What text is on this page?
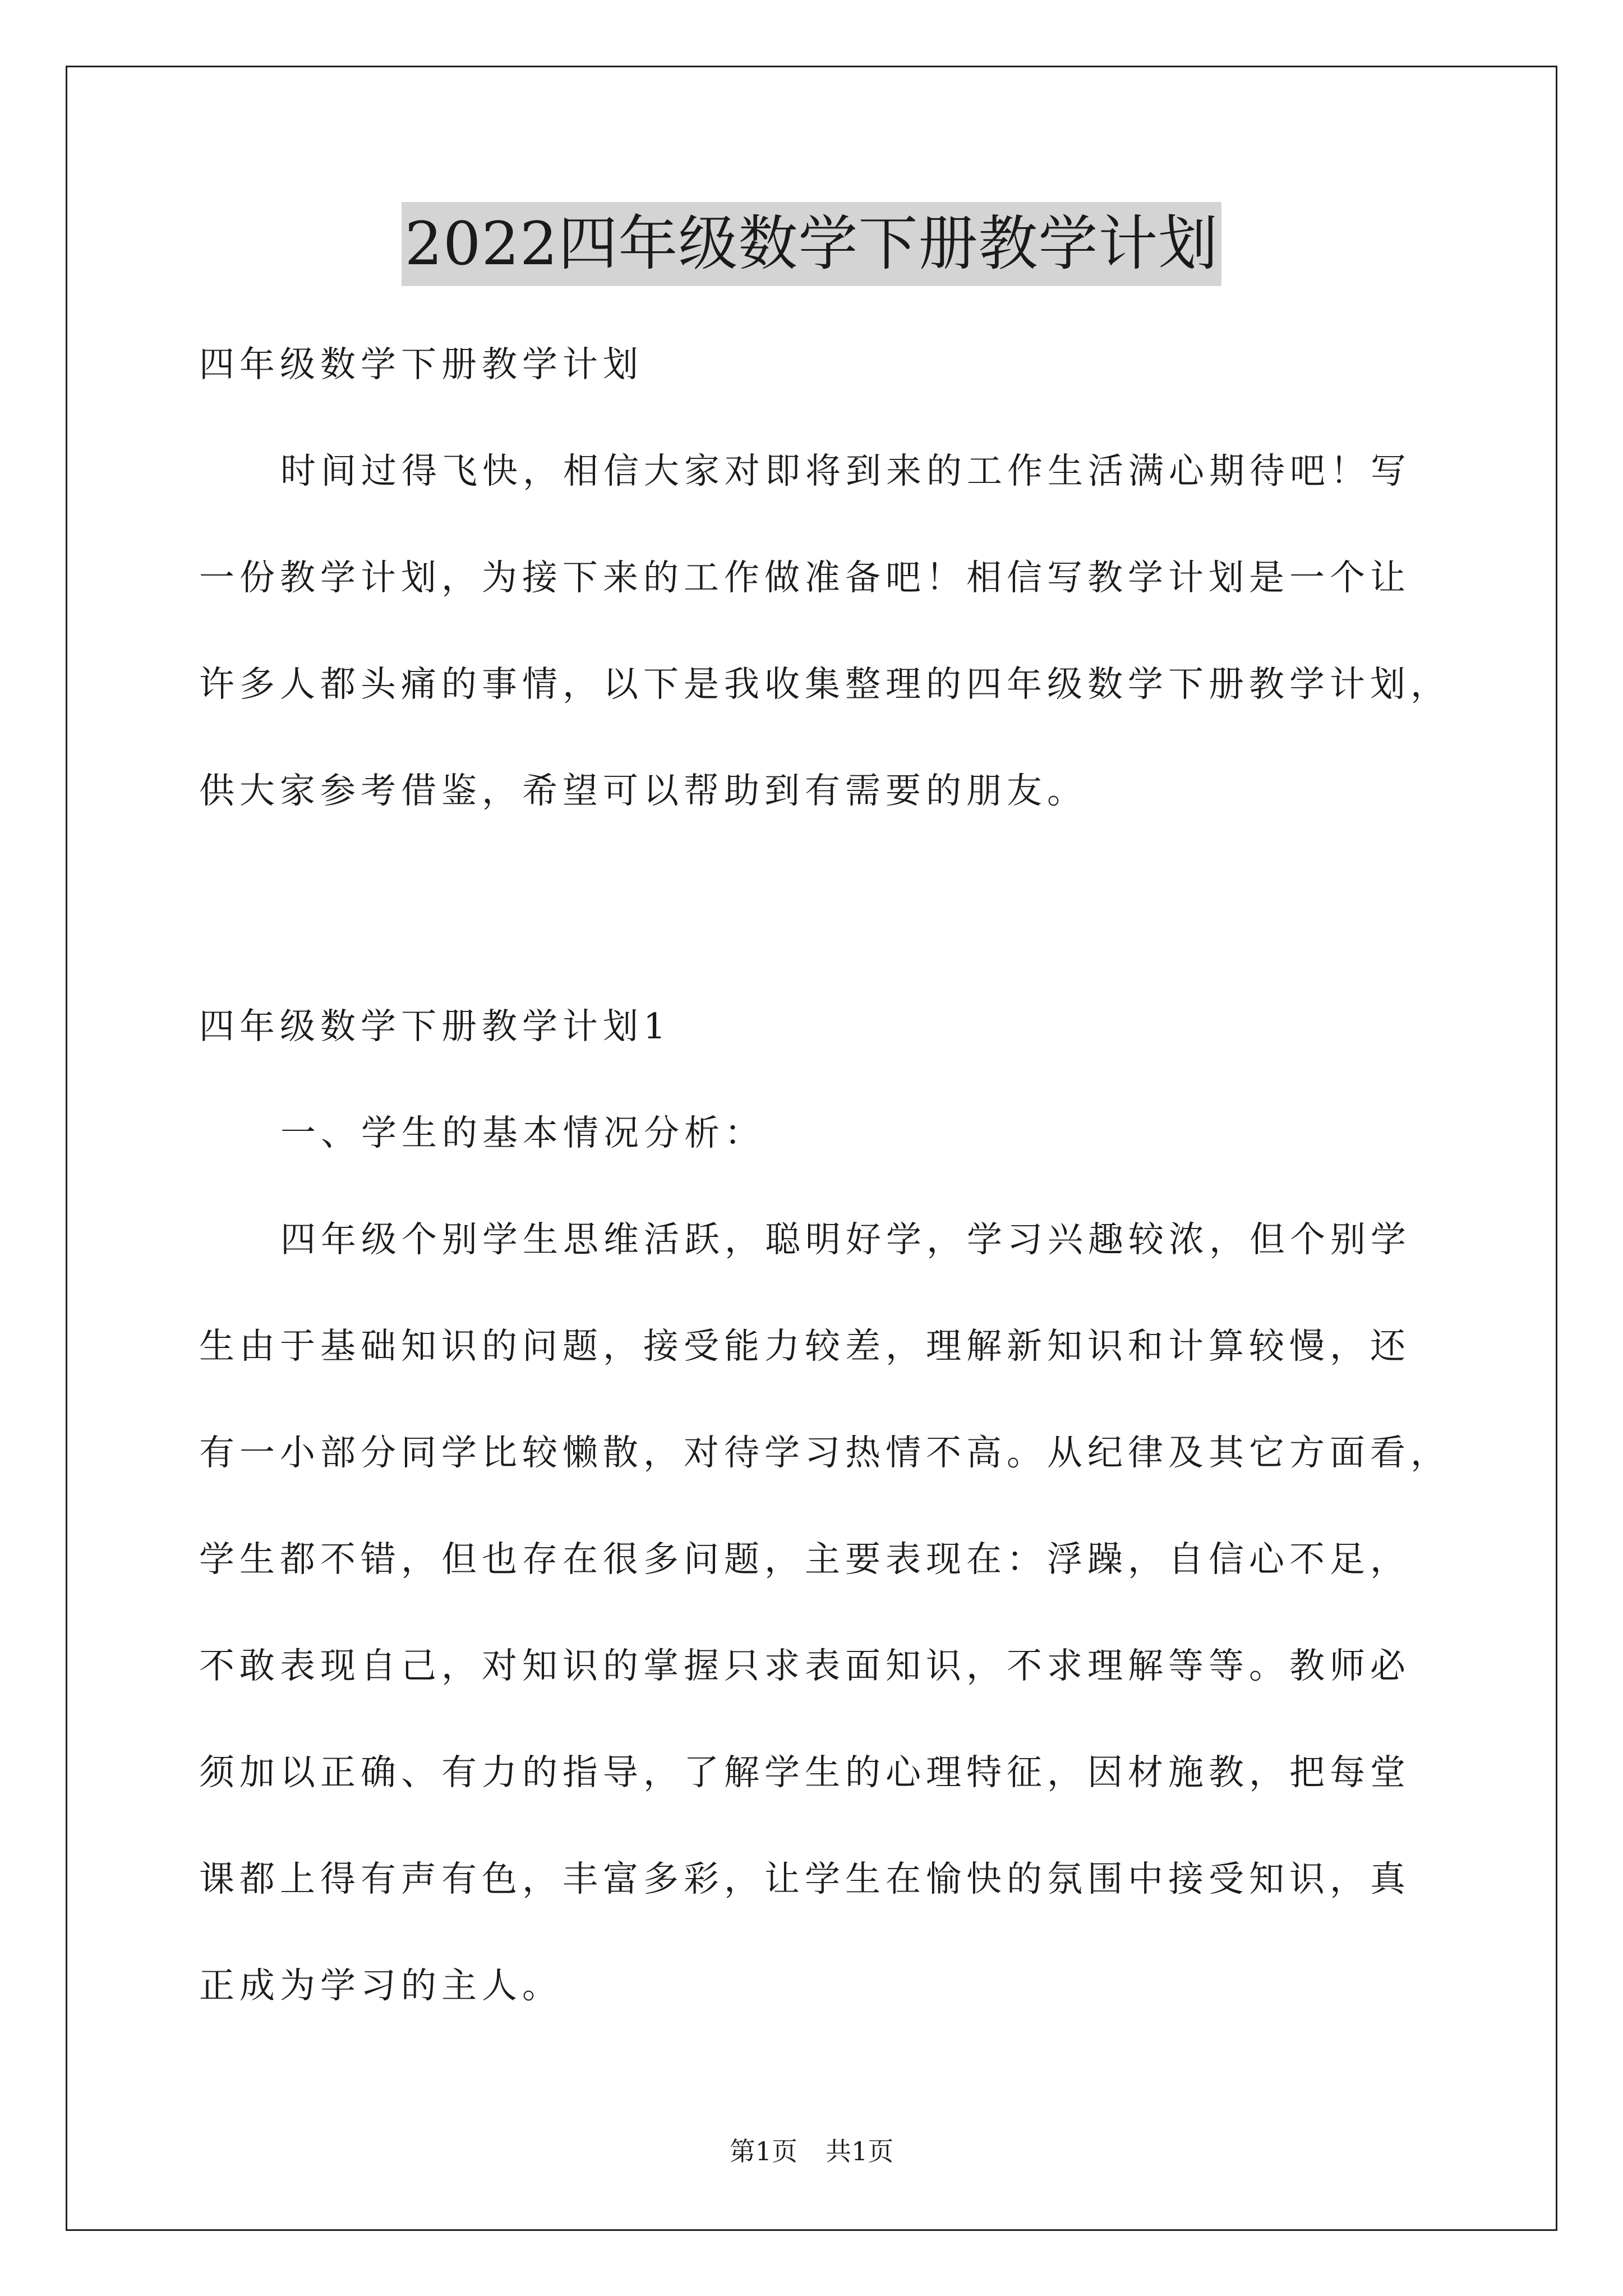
2022四年级数学下册教学计划

四年级数学下册教学计划

时间过得飞快，相信大家对即将到来的工作生活满心期待吧！写

一份教学计划，为接下来的工作做准备吧！相信写教学计划是一个让

许多人都头痛的事情，以下是我收集整理的四年级数学下册教学计划，

供大家参考借鉴，希望可以帮助到有需要的朋友。

四年级数学下册教学计划1

一、学生的基本情况分析：

四年级个别学生思维活跃，聪明好学，学习兴趣较浓，但个别学

生由于基础知识的问题，接受能力较差，理解新知识和计算较慢，还

有一小部分同学比较懒散，对待学习热情不高。从纪律及其它方面看，

学生都不错，但也存在很多问题，主要表现在：浮躁，自信心不足，

不敢表现自己，对知识的掌握只求表面知识，不求理解等等。教师必

须加以正确、有力的指导，了解学生的心理特征，因材施教，把每堂

课都上得有声有色，丰富多彩，让学生在愉快的氛围中接受知识，真

正成为学习的主人。

第1页 共1页
